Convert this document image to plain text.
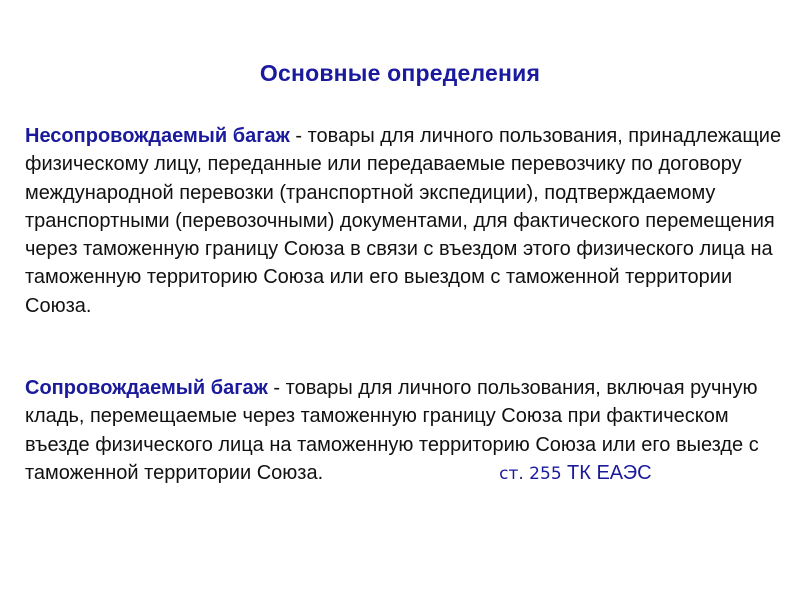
Основные определения
Несопровождаемый багаж - товары для личного пользования, принадлежащие физическому лицу, переданные или передаваемые перевозчику по договору международной перевозки (транспортной экспедиции), подтверждаемому транспортными (перевозочными) документами, для фактического перемещения через таможенную границу Союза в связи с въездом этого физического лица на таможенную территорию Союза или его выездом с таможенной территории Союза.
Сопровождаемый багаж - товары для личного пользования, включая ручную кладь, перемещаемые через таможенную границу Союза при фактическом въезде физического лица на таможенную территорию Союза или его выезде с таможенной территории Союза.	ст. 255 ТК ЕАЭС
